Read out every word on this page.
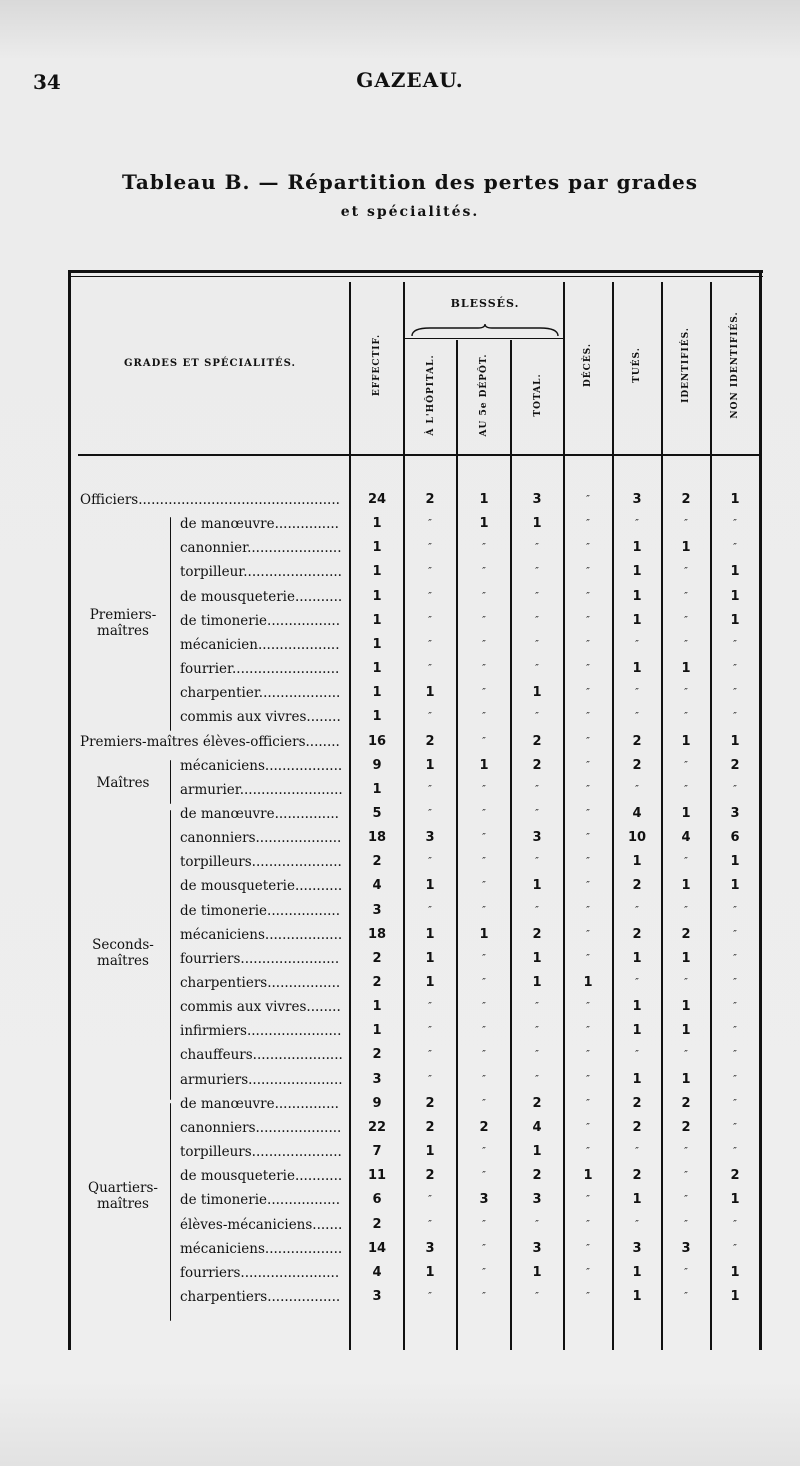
34	GAZEAU.
Tableau B. — Répartition des pertes par grades
et spécialités.
GRADES ET SPÉCIALITÉS.	EFFECTIF.
BLESSÉS.
À L'HÔPITAL.	AU 5e DÉPÔT.	TOTAL.
DÉCÈS.	TUÉS.	IDENTIFIÉS.	NON IDENTIFIÉS.
Premiers-maîtres
Maîtres
Seconds-maîtres
Quartiers-maîtres
Officiers...............................................	24	2	1	3	″	3	2	1
de manœuvre...............	1	″	1	1	″	″	″	″
canonnier......................	1	″	″	″	″	1	1	″
torpilleur.......................	1	″	″	″	″	1	″	1
de mousqueterie...........	1	″	″	″	″	1	″	1
de timonerie.................	1	″	″	″	″	1	″	1
mécanicien...................	1	″	″	″	″	″	″	″
fourrier.........................	1	″	″	″	″	1	1	″
charpentier...................	1	1	″	1	″	″	″	″
commis aux vivres........	1	″	″	″	″	″	″	″
Premiers-maîtres élèves-officiers........	16	2	″	2	″	2	1	1
mécaniciens..................	9	1	1	2	″	2	″	2
armurier........................	1	″	″	″	″	″	″	″
de manœuvre...............	5	″	″	″	″	4	1	3
canonniers....................	18	3	″	3	″	10	4	6
torpilleurs.....................	2	″	″	″	″	1	″	1
de mousqueterie...........	4	1	″	1	″	2	1	1
de timonerie.................	3	″	″	″	″	″	″	″
mécaniciens..................	18	1	1	2	″	2	2	″
fourriers.......................	2	1	″	1	″	1	1	″
charpentiers.................	2	1	″	1	1	″	″	″
commis aux vivres........	1	″	″	″	″	1	1	″
infirmiers......................	1	″	″	″	″	1	1	″
chauffeurs.....................	2	″	″	″	″	″	″	″
armuriers......................	3	″	″	″	″	1	1	″
de manœuvre...............	9	2	″	2	″	2	2	″
canonniers....................	22	2	2	4	″	2	2	″
torpilleurs.....................	7	1	″	1	″	″	″	″
de mousqueterie...........	11	2	″	2	1	2	″	2
de timonerie.................	6	″	3	3	″	1	″	1
élèves-mécaniciens.......	2	″	″	″	″	″	″	″
mécaniciens..................	14	3	″	3	″	3	3	″
fourriers.......................	4	1	″	1	″	1	″	1
charpentiers.................	3	″	″	″	″	1	″	1
